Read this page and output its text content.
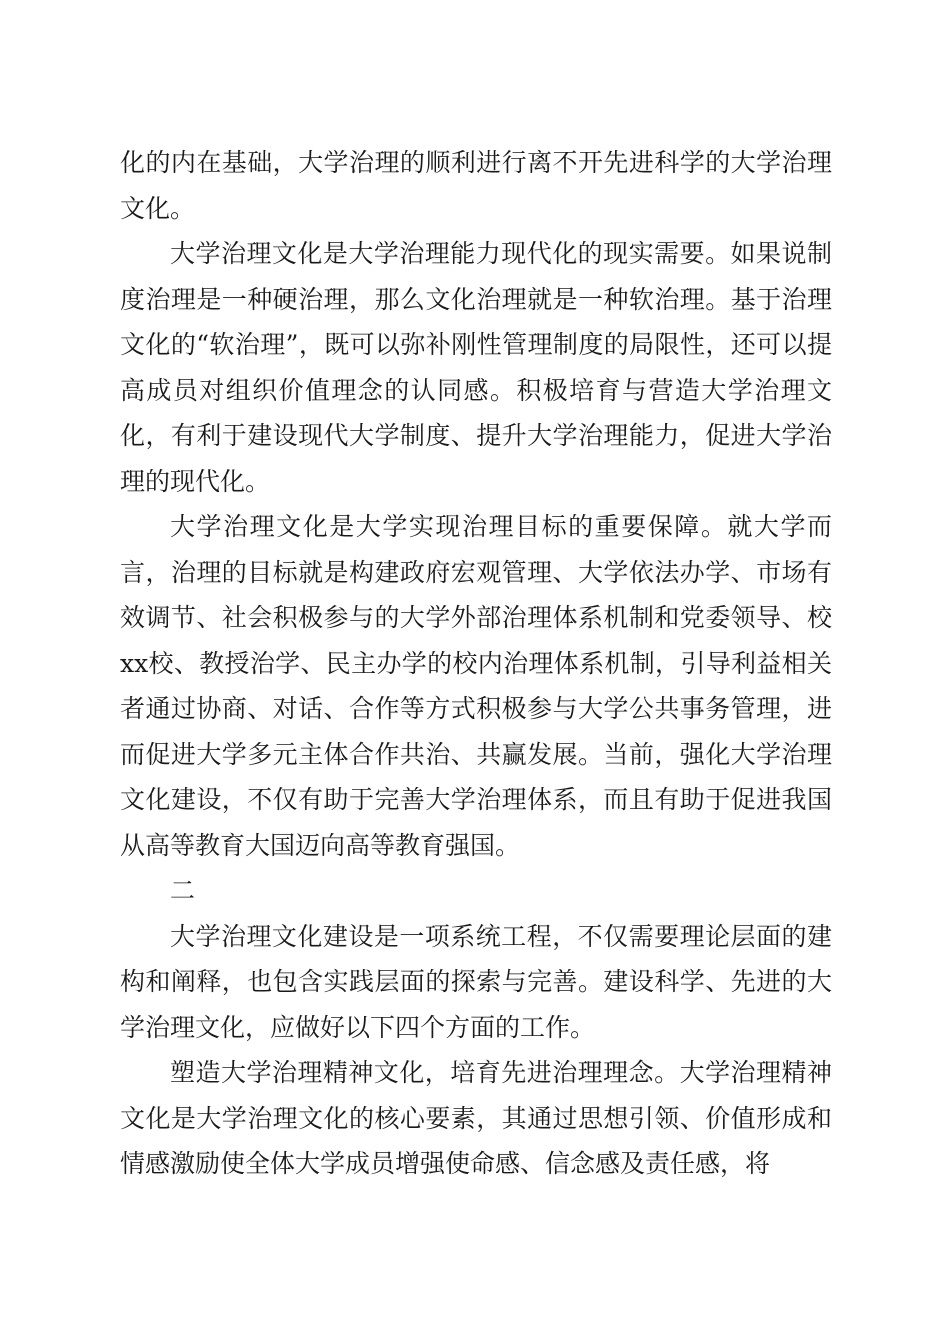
化的内在基础，大学治理的顺利进行离不开先进科学的大学治理文化。

大学治理文化是大学治理能力现代化的现实需要。如果说制度治理是一种硬治理，那么文化治理就是一种软治理。基于治理文化的“软治理”，既可以弥补刚性管理制度的局限性，还可以提高成员对组织价值理念的认同感。积极培育与营造大学治理文化，有利于建设现代大学制度、提升大学治理能力，促进大学治理的现代化。

大学治理文化是大学实现治理目标的重要保障。就大学而言，治理的目标就是构建政府宏观管理、大学依法办学、市场有效调节、社会积极参与的大学外部治理体系机制和党委领导、校xx校、教授治学、民主办学的校内治理体系机制，引导利益相关者通过协商、对话、合作等方式积极参与大学公共事务管理，进而促进大学多元主体合作共治、共赢发展。当前，强化大学治理文化建设，不仅有助于完善大学治理体系，而且有助于促进我国从高等教育大国迈向高等教育强国。

二

大学治理文化建设是一项系统工程，不仅需要理论层面的建构和阐释，也包含实践层面的探索与完善。建设科学、先进的大学治理文化，应做好以下四个方面的工作。

塑造大学治理精神文化，培育先进治理理念。大学治理精神文化是大学治理文化的核心要素，其通过思想引领、价值形成和情感激励使全体大学成员增强使命感、信念感及责任感，将
